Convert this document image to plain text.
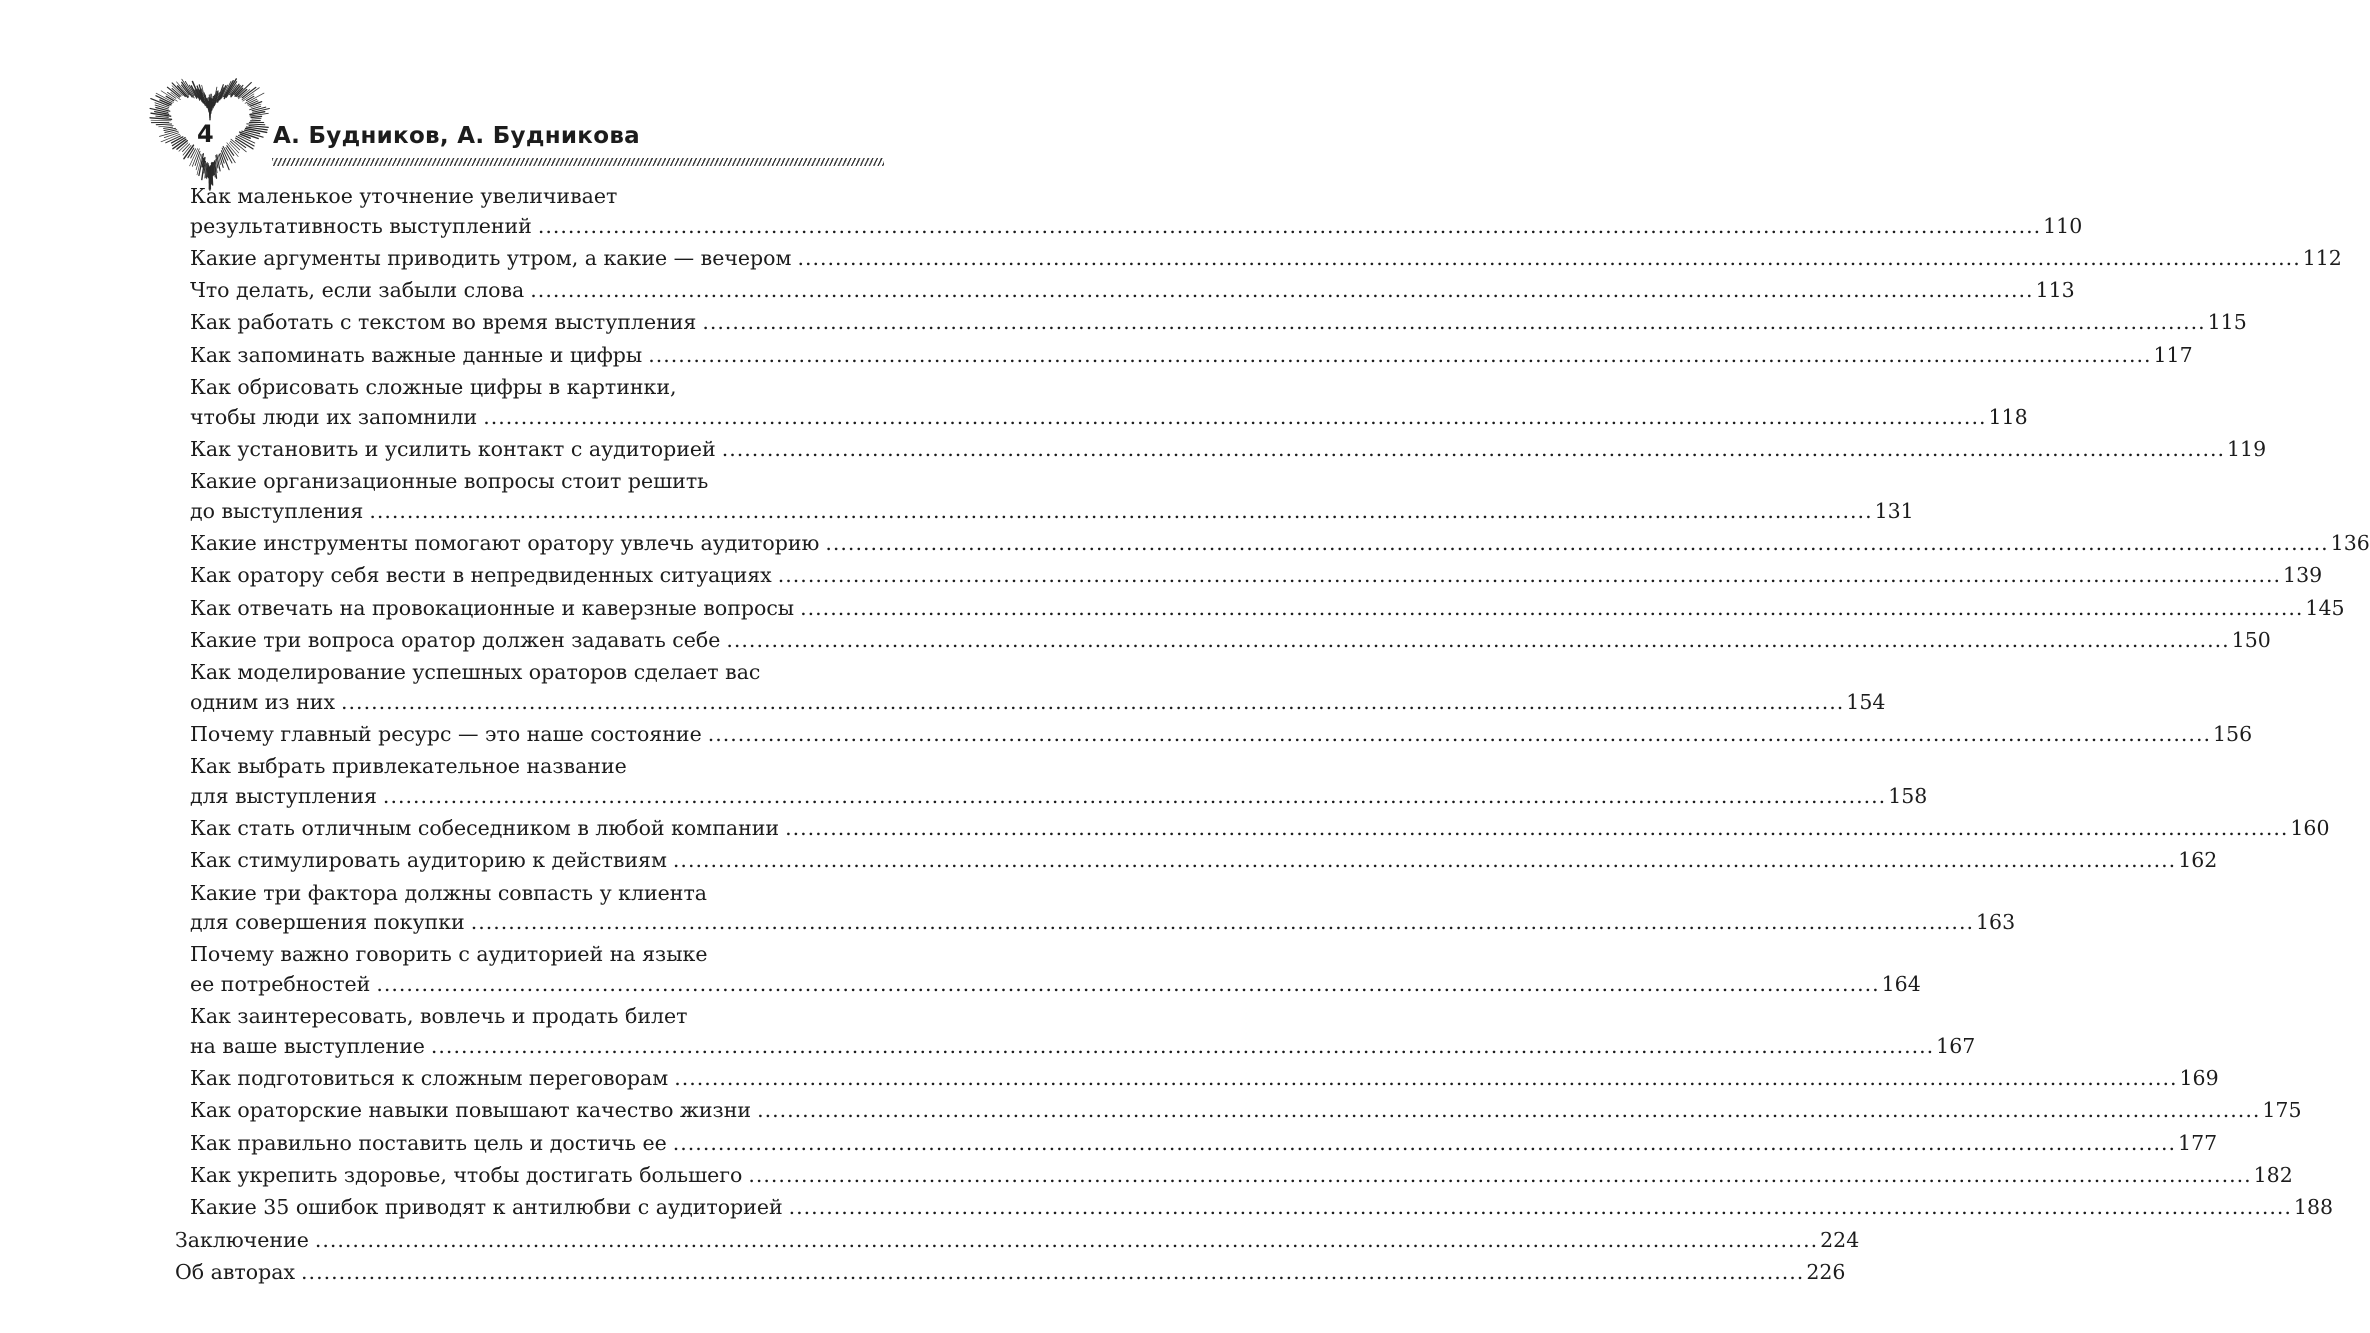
4	А. Будников, А. Будникова
Как маленькое уточнение увеличивает
результативность выступлений ........................................................................................................................................................................................................ 110
Какие аргументы приводить утром, а какие — вечером ........................................................................................................................................................................................................ 112
Что делать, если забыли слова ........................................................................................................................................................................................................ 113
Как работать с текстом во время выступления ........................................................................................................................................................................................................ 115
Как запоминать важные данные и цифры ........................................................................................................................................................................................................ 117
Как обрисовать сложные цифры в картинки,
чтобы люди их запомнили ........................................................................................................................................................................................................ 118
Как установить и усилить контакт с аудиторией ........................................................................................................................................................................................................ 119
Какие организационные вопросы стоит решить
до выступления ........................................................................................................................................................................................................ 131
Какие инструменты помогают оратору увлечь аудиторию ........................................................................................................................................................................................................ 136
Как оратору себя вести в непредвиденных ситуациях ........................................................................................................................................................................................................ 139
Как отвечать на провокационные и каверзные вопросы ........................................................................................................................................................................................................ 145
Какие три вопроса оратор должен задавать себе ........................................................................................................................................................................................................ 150
Как моделирование успешных ораторов сделает вас
одним из них ........................................................................................................................................................................................................ 154
Почему главный ресурс — это наше состояние ........................................................................................................................................................................................................ 156
Как выбрать привлекательное название
для выступления ........................................................................................................................................................................................................ 158
Как стать отличным собеседником в любой компании ........................................................................................................................................................................................................ 160
Как стимулировать аудиторию к действиям ........................................................................................................................................................................................................ 162
Какие три фактора должны совпасть у клиента
для совершения покупки ........................................................................................................................................................................................................ 163
Почему важно говорить с аудиторией на языке
ее потребностей ........................................................................................................................................................................................................ 164
Как заинтересовать, вовлечь и продать билет
на ваше выступление ........................................................................................................................................................................................................ 167
Как подготовиться к сложным переговорам ........................................................................................................................................................................................................ 169
Как ораторские навыки повышают качество жизни ........................................................................................................................................................................................................ 175
Как правильно поставить цель и достичь ее ........................................................................................................................................................................................................ 177
Как укрепить здоровье, чтобы достигать большего ........................................................................................................................................................................................................ 182
Какие 35 ошибок приводят к антилюбви с аудиторией ........................................................................................................................................................................................................ 188
Заключение ........................................................................................................................................................................................................ 224
Об авторах ........................................................................................................................................................................................................ 226
